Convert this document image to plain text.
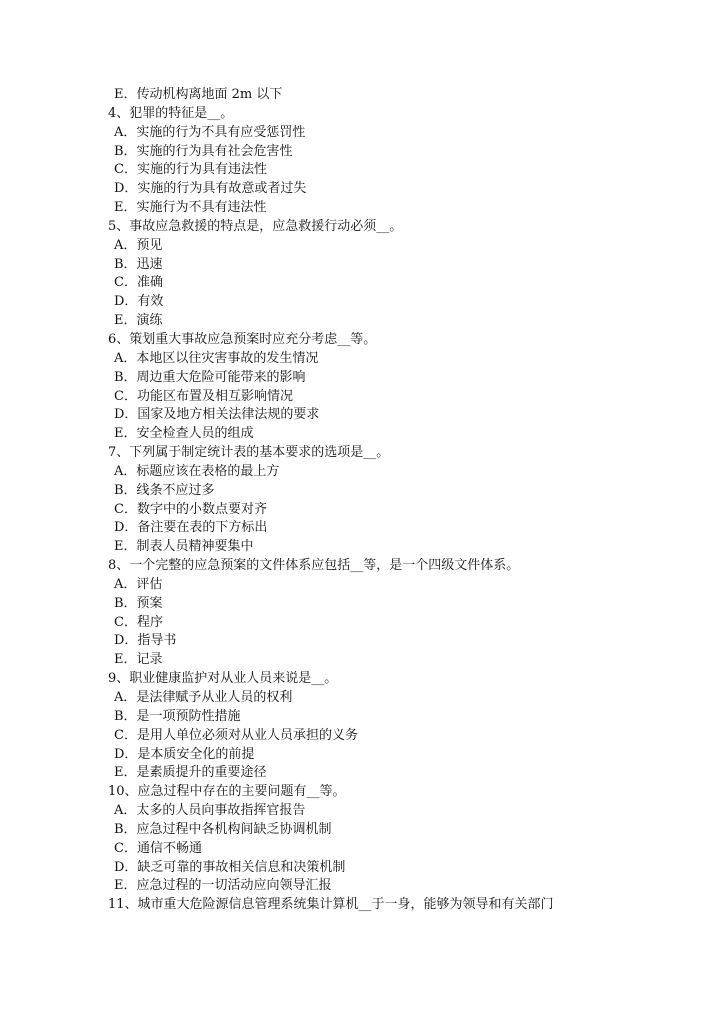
E．传动机构离地面 2m 以下
4、犯罪的特征是__。
A．实施的行为不具有应受惩罚性
B．实施的行为具有社会危害性
C．实施的行为具有违法性
D．实施的行为具有故意或者过失
E．实施行为不具有违法性
5、事故应急救援的特点是，应急救援行动必须__。
A．预见
B．迅速
C．准确
D．有效
E．演练
6、策划重大事故应急预案时应充分考虑__等。
A．本地区以往灾害事故的发生情况
B．周边重大危险可能带来的影响
C．功能区布置及相互影响情况
D．国家及地方相关法律法规的要求
E．安全检查人员的组成
7、下列属于制定统计表的基本要求的选项是__。
A．标题应该在表格的最上方
B．线条不应过多
C．数字中的小数点要对齐
D．备注要在表的下方标出
E．制表人员精神要集中
8、一个完整的应急预案的文件体系应包括__等，是一个四级文件体系。
A．评估
B．预案
C．程序
D．指导书
E．记录
9、职业健康监护对从业人员来说是__。
A．是法律赋予从业人员的权利
B．是一项预防性措施
C．是用人单位必须对从业人员承担的义务
D．是本质安全化的前提
E．是素质提升的重要途径
10、应急过程中存在的主要问题有__等。
A．太多的人员向事故指挥官报告
B．应急过程中各机构间缺乏协调机制
C．通信不畅通
D．缺乏可靠的事故相关信息和决策机制
E．应急过程的一切活动应向领导汇报
11、城市重大危险源信息管理系统集计算机__于一身，能够为领导和有关部门
